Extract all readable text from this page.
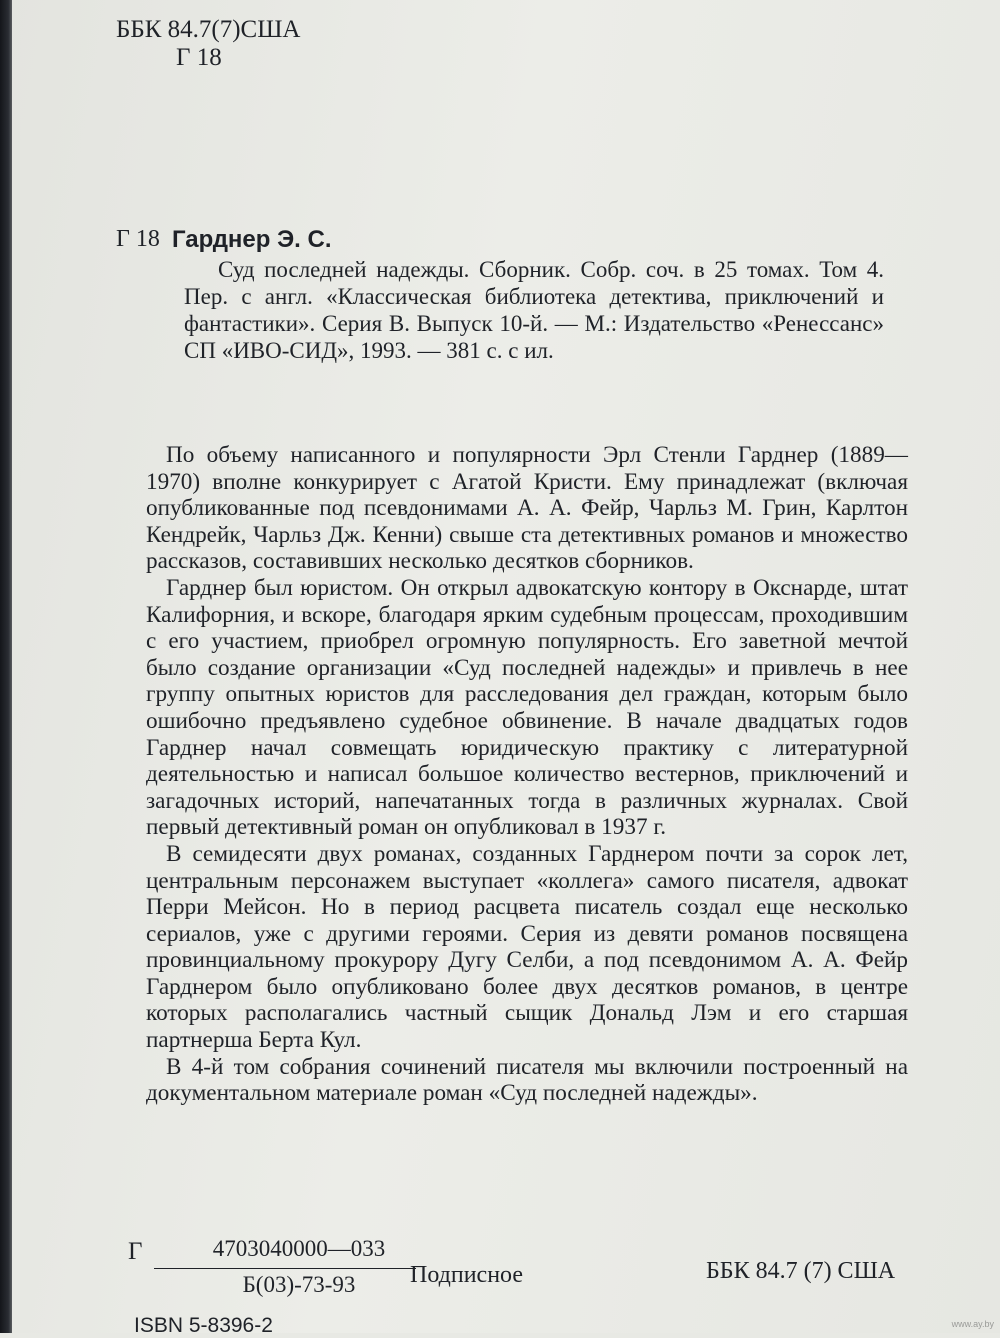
ББК 84.7(7)США
Г 18
Г 18 Гарднер Э. С.
Суд последней надежды. Сборник. Собр. соч. в 25 томах. Том 4. Пер. с англ. «Классическая библиотека детектива, приключений и фантастики». Серия В. Выпуск 10-й. — М.: Издательство «Ренессанс» СП «ИВО-СИД», 1993. — 381 с. с ил.

По объему написанного и популярности Эрл Стенли Гарднер (1889—1970) вполне конкурирует с Агатой Кристи. Ему принадлежат (включая опубликованные под псевдонимами А. А. Фейр, Чарльз М. Грин, Карлтон Кендрейк, Чарльз Дж. Кенни) свыше ста детективных романов и множество рассказов, составивших несколько десятков сборников.

Гарднер был юристом. Он открыл адвокатскую контору в Окснарде, штат Калифорния, и вскоре, благодаря ярким судебным процессам, проходившим с его участием, приобрел огромную популярность. Его заветной мечтой было создание организации «Суд последней надежды» и привлечь в нее группу опытных юристов для расследования дел граждан, которым было ошибочно предъявлено судебное обвинение. В начале двадцатых годов Гарднер начал совмещать юридическую практику с литературной деятельностью и написал большое количество вестернов, приключений и загадочных историй, напечатанных тогда в различных журналах. Свой первый детективный роман он опубликовал в 1937 г.

В семидесяти двух романах, созданных Гарднером почти за сорок лет, центральным персонажем выступает «коллега» самого писателя, адвокат Перри Мейсон. Но в период расцвета писатель создал еще несколько сериалов, уже с другими героями. Серия из девяти романов посвящена провинциальному прокурору Дугу Селби, а под псевдонимом А. А. Фейр Гарднером было опубликовано более двух десятков романов, в центре которых располагались частный сыщик Дональд Лэм и его старшая партнерша Берта Кул.

В 4-й том собрания сочинений писателя мы включили построенный на документальном материале роман «Суд последней надежды».

Г	4703040000—033
Б(03)-73-93	Подписное	ББК 84.7 (7) США
ISBN 5-8396-2	www.ay.by
